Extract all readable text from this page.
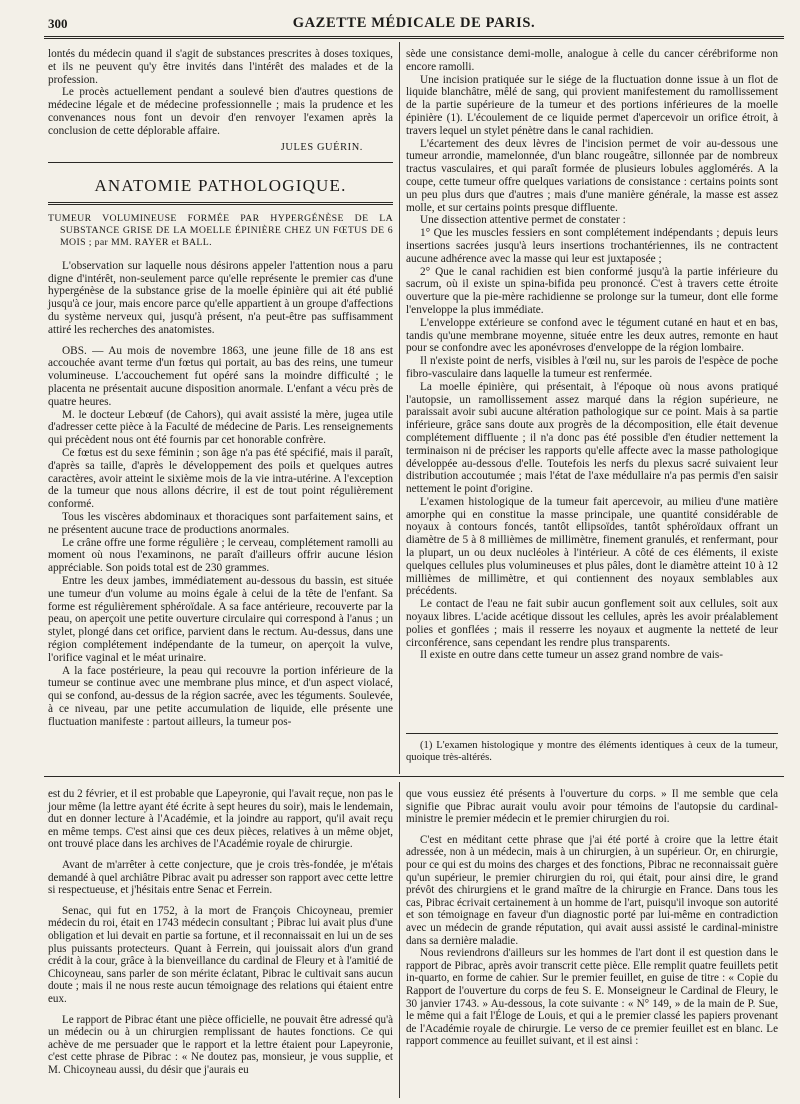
300	GAZETTE MÉDICALE DE PARIS.

lontés du médecin quand il s'agit de substances prescrites à doses toxiques, et ils ne peuvent qu'y être invités dans l'intérêt des malades et de la profession.

Le procès actuellement pendant a soulevé bien d'autres questions de médecine légale et de médecine professionnelle ; mais la prudence et les convenances nous font un devoir d'en renvoyer l'examen après la conclusion de cette déplorable affaire.

JULES GUÉRIN.
ANATOMIE PATHOLOGIQUE.
TUMEUR VOLUMINEUSE FORMÉE PAR HYPERGÉNÈSE DE LA SUBSTANCE GRISE DE LA MOELLE ÉPINIÈRE CHEZ UN FŒTUS DE 6 MOIS ; par MM. RAYER et BALL.

L'observation sur laquelle nous désirons appeler l'attention nous a paru digne d'intérêt, non-seulement parce qu'elle représente le premier cas d'une hypergénèse de la substance grise de la moelle épinière qui ait été publié jusqu'à ce jour, mais encore parce qu'elle appartient à un groupe d'affections du système nerveux qui, jusqu'à présent, n'a peut-être pas suffisamment attiré les recherches des anatomistes.

OBS. — Au mois de novembre 1863, une jeune fille de 18 ans est accouchée avant terme d'un fœtus qui portait, au bas des reins, une tumeur volumineuse. L'accouchement fut opéré sans la moindre difficulté ; le placenta ne présentait aucune disposition anormale. L'enfant a vécu près de quatre heures.

M. le docteur Lebœuf (de Cahors), qui avait assisté la mère, jugea utile d'adresser cette pièce à la Faculté de médecine de Paris. Les renseignements qui précèdent nous ont été fournis par cet honorable confrère.

Ce fœtus est du sexe féminin ; son âge n'a pas été spécifié, mais il paraît, d'après sa taille, d'après le développement des poils et quelques autres caractères, avoir atteint le sixième mois de la vie intra-utérine. A l'exception de la tumeur que nous allons décrire, il est de tout point régulièrement conformé.

Tous les viscères abdominaux et thoraciques sont parfaitement sains, et ne présentent aucune trace de productions anormales.

Le crâne offre une forme régulière ; le cerveau, complétement ramolli au moment où nous l'examinons, ne paraît d'ailleurs offrir aucune lésion appréciable. Son poids total est de 230 grammes.

Entre les deux jambes, immédiatement au-dessous du bassin, est située une tumeur d'un volume au moins égale à celui de la tête de l'enfant. Sa forme est régulièrement sphéroïdale. A sa face antérieure, recouverte par la peau, on aperçoit une petite ouverture circulaire qui correspond à l'anus ; un stylet, plongé dans cet orifice, parvient dans le rectum. Au-dessus, dans une région complétement indépendante de la tumeur, on aperçoit la vulve, l'orifice vaginal et le méat urinaire.

A la face postérieure, la peau qui recouvre la portion inférieure de la tumeur se continue avec une membrane plus mince, et d'un aspect violacé, qui se confond, au-dessus de la région sacrée, avec les téguments. Soulevée, à ce niveau, par une petite accumulation de liquide, elle présente une fluctuation manifeste : partout ailleurs, la tumeur pos-

sède une consistance demi-molle, analogue à celle du cancer cérébriforme non encore ramolli.

Une incision pratiquée sur le siége de la fluctuation donne issue à un flot de liquide blanchâtre, mêlé de sang, qui provient manifestement du ramollissement de la partie supérieure de la tumeur et des portions inférieures de la moelle épinière (1). L'écoulement de ce liquide permet d'apercevoir un orifice étroit, à travers lequel un stylet pénètre dans le canal rachidien.

L'écartement des deux lèvres de l'incision permet de voir au-dessous une tumeur arrondie, mamelonnée, d'un blanc rougeâtre, sillonnée par de nombreux tractus vasculaires, et qui paraît formée de plusieurs lobules agglomérés. A la coupe, cette tumeur offre quelques variations de consistance : certains points sont un peu plus durs que d'autres ; mais d'une manière générale, la masse est assez molle, et sur certains points presque diffluente.

Une dissection attentive permet de constater :

1° Que les muscles fessiers en sont complétement indépendants ; depuis leurs insertions sacrées jusqu'à leurs insertions trochantériennes, ils ne contractent aucune adhérence avec la masse qui leur est juxtaposée ;

2° Que le canal rachidien est bien conformé jusqu'à la partie inférieure du sacrum, où il existe un spina-bifida peu prononcé. C'est à travers cette étroite ouverture que la pie-mère rachidienne se prolonge sur la tumeur, dont elle forme l'enveloppe la plus immédiate.

L'enveloppe extérieure se confond avec le tégument cutané en haut et en bas, tandis qu'une membrane moyenne, située entre les deux autres, remonte en haut pour se confondre avec les aponévroses d'enveloppe de la région lombaire.

Il n'existe point de nerfs, visibles à l'œil nu, sur les parois de l'espèce de poche fibro-vasculaire dans laquelle la tumeur est renfermée.

La moelle épinière, qui présentait, à l'époque où nous avons pratiqué l'autopsie, un ramollissement assez marqué dans la région supérieure, ne paraissait avoir subi aucune altération pathologique sur ce point. Mais à sa partie inférieure, grâce sans doute aux progrès de la décomposition, elle était devenue complétement diffluente ; il n'a donc pas été possible d'en étudier nettement la terminaison ni de préciser les rapports qu'elle affecte avec la masse pathologique développée au-dessous d'elle. Toutefois les nerfs du plexus sacré suivaient leur distribution accoutumée ; mais l'état de l'axe médullaire n'a pas permis d'en saisir nettement le point d'origine.

L'examen histologique de la tumeur fait apercevoir, au milieu d'une matière amorphe qui en constitue la masse principale, une quantité considérable de noyaux à contours foncés, tantôt ellipsoïdes, tantôt sphéroïdaux offrant un diamètre de 5 à 8 millièmes de millimètre, finement granulés, et renfermant, pour la plupart, un ou deux nucléoles à l'intérieur. A côté de ces éléments, il existe quelques cellules plus volumineuses et plus pâles, dont le diamètre atteint 10 à 12 millièmes de millimètre, et qui contiennent des noyaux semblables aux précédents.

Le contact de l'eau ne fait subir aucun gonflement soit aux cellules, soit aux noyaux libres. L'acide acétique dissout les cellules, après les avoir préalablement polies et gonflées ; mais il resserre les noyaux et augmente la netteté de leur circonférence, sans cependant les rendre plus transparents.

Il existe en outre dans cette tumeur un assez grand nombre de vais-

(1) L'examen histologique y montre des éléments identiques à ceux de la tumeur, quoique très-altérés.

est du 2 février, et il est probable que Lapeyronie, qui l'avait reçue, non pas le jour même (la lettre ayant été écrite à sept heures du soir), mais le lendemain, dut en donner lecture à l'Académie, et la joindre au rapport, qu'il avait reçu en même temps. C'est ainsi que ces deux pièces, relatives à un même objet, ont trouvé place dans les archives de l'Académie royale de chirurgie.

Avant de m'arrêter à cette conjecture, que je crois très-fondée, je m'étais demandé à quel archiâtre Pibrac avait pu adresser son rapport avec cette lettre si respectueuse, et j'hésitais entre Senac et Ferrein.

Senac, qui fut en 1752, à la mort de François Chicoyneau, premier médecin du roi, était en 1743 médecin consultant ; Pibrac lui avait plus d'une obligation et lui devait en partie sa fortune, et il reconnaissait en lui un de ses plus puissants protecteurs. Quant à Ferrein, qui jouissait alors d'un grand crédit à la cour, grâce à la bienveillance du cardinal de Fleury et à l'amitié de Chicoyneau, sans parler de son mérite éclatant, Pibrac le cultivait sans aucun doute ; mais il ne nous reste aucun témoignage des relations qui étaient entre eux.

Le rapport de Pibrac étant une pièce officielle, ne pouvait être adressé qu'à un médecin ou à un chirurgien remplissant de hautes fonctions. Ce qui achève de me persuader que le rapport et la lettre étaient pour Lapeyronie, c'est cette phrase de Pibrac : « Ne doutez pas, monsieur, je vous supplie, et M. Chicoyneau aussi, du désir que j'aurais eu

que vous eussiez été présents à l'ouverture du corps. » Il me semble que cela signifie que Pibrac aurait voulu avoir pour témoins de l'autopsie du cardinal-ministre le premier médecin et le premier chirurgien du roi.

C'est en méditant cette phrase que j'ai été porté à croire que la lettre était adressée, non à un médecin, mais à un chirurgien, à un supérieur. Or, en chirurgie, pour ce qui est du moins des charges et des fonctions, Pibrac ne reconnaissait guère qu'un supérieur, le premier chirurgien du roi, qui était, pour ainsi dire, le grand prévôt des chirurgiens et le grand maître de la chirurgie en France. Dans tous les cas, Pibrac écrivait certainement à un homme de l'art, puisqu'il invoque son autorité et son témoignage en faveur d'un diagnostic porté par lui-même en contradiction avec un médecin de grande réputation, qui avait aussi assisté le cardinal-ministre dans sa dernière maladie.

Nous reviendrons d'ailleurs sur les hommes de l'art dont il est question dans le rapport de Pibrac, après avoir transcrit cette pièce. Elle remplit quatre feuillets petit in-quarto, en forme de cahier. Sur le premier feuillet, en guise de titre : « Copie du Rapport de l'ouverture du corps de feu S. E. Monseigneur le Cardinal de Fleury, le 30 janvier 1743. » Au-dessous, la cote suivante : « N° 149, » de la main de P. Sue, le même qui a fait l'Éloge de Louis, et qui a le premier classé les papiers provenant de l'Académie royale de chirurgie. Le verso de ce premier feuillet est en blanc. Le rapport commence au feuillet suivant, et il est ainsi :
